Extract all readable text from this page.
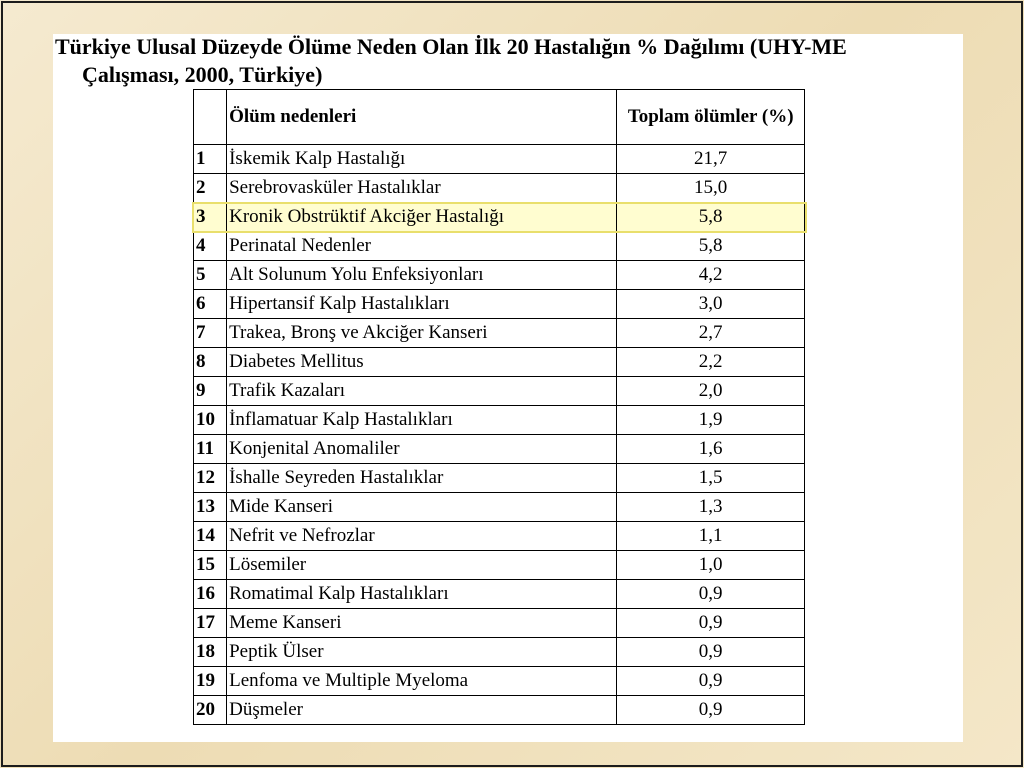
Türkiye Ulusal Düzeyde Ölüme Neden Olan İlk 20 Hastalığın % Dağılımı (UHY-ME
Çalışması, 2000, Türkiye)
	Ölüm nedenleri	Toplam ölümler (%)
1	İskemik Kalp Hastalığı	21,7
2	Serebrovasküler Hastalıklar	15,0
3	Kronik Obstrüktif Akciğer Hastalığı	5,8
4	Perinatal Nedenler	5,8
5	Alt Solunum Yolu Enfeksiyonları	4,2
6	Hipertansif Kalp Hastalıkları	3,0
7	Trakea, Bronş ve Akciğer Kanseri	2,7
8	Diabetes Mellitus	2,2
9	Trafik Kazaları	2,0
10	İnflamatuar Kalp Hastalıkları	1,9
11	Konjenital Anomaliler	1,6
12	İshalle Seyreden Hastalıklar	1,5
13	Mide Kanseri	1,3
14	Nefrit ve Nefrozlar	1,1
15	Lösemiler	1,0
16	Romatimal Kalp Hastalıkları	0,9
17	Meme Kanseri	0,9
18	Peptik Ülser	0,9
19	Lenfoma ve Multiple Myeloma	0,9
20	Düşmeler	0,9
